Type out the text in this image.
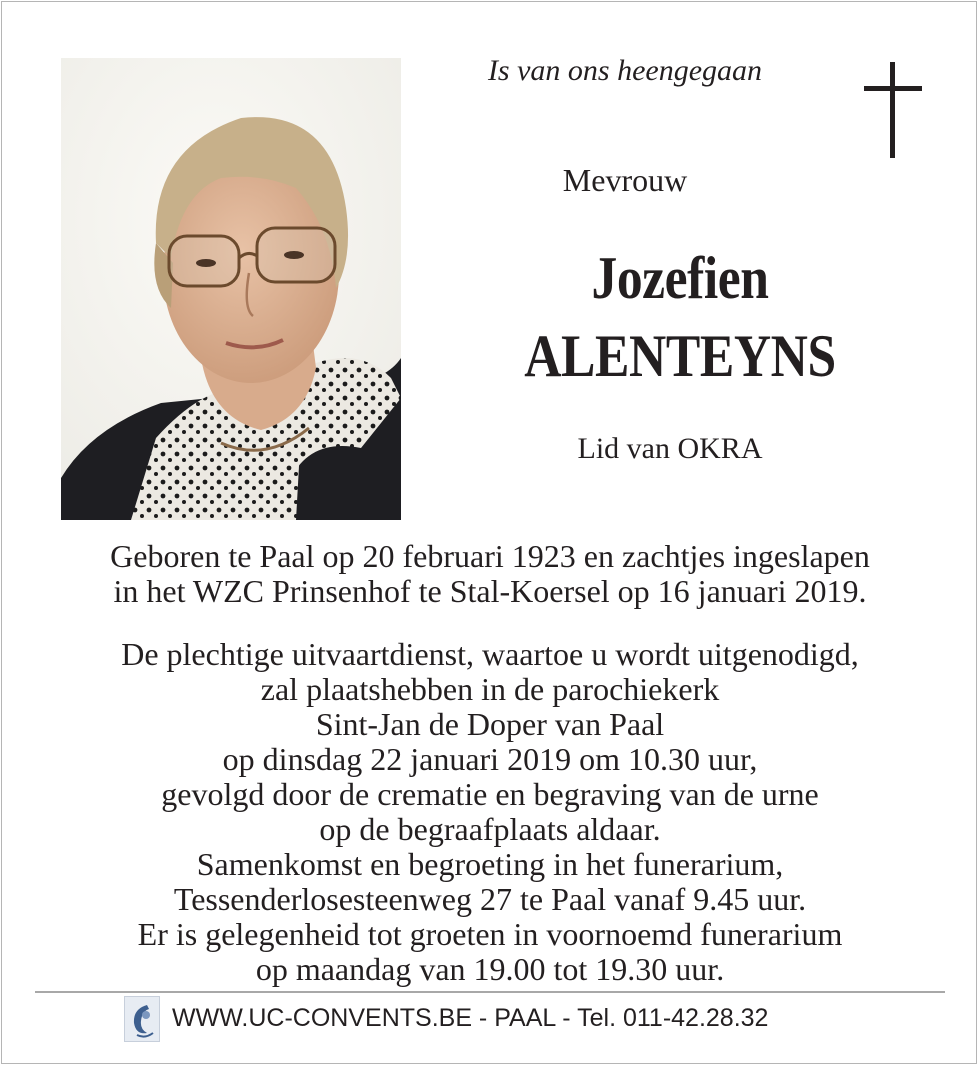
Is van ons heengegaan
Mevrouw
Jozefien
ALENTEYNS
Lid van OKRA
Geboren te Paal op 20 februari 1923 en zachtjes ingeslapen
in het WZC Prinsenhof te Stal-Koersel op 16 januari 2019.
De plechtige uitvaartdienst, waartoe u wordt uitgenodigd,
zal plaatshebben in de parochiekerk
Sint-Jan de Doper van Paal
op dinsdag 22 januari 2019 om 10.30 uur,
gevolgd door de crematie en begraving van de urne
op de begraafplaats aldaar.
Samenkomst en begroeting in het funerarium,
Tessenderlosesteenweg 27 te Paal vanaf 9.45 uur.
Er is gelegenheid tot groeten in voornoemd funerarium
op maandag van 19.00 tot 19.30 uur.
WWW.UC-CONVENTS.BE - PAAL - Tel. 011-42.28.32
